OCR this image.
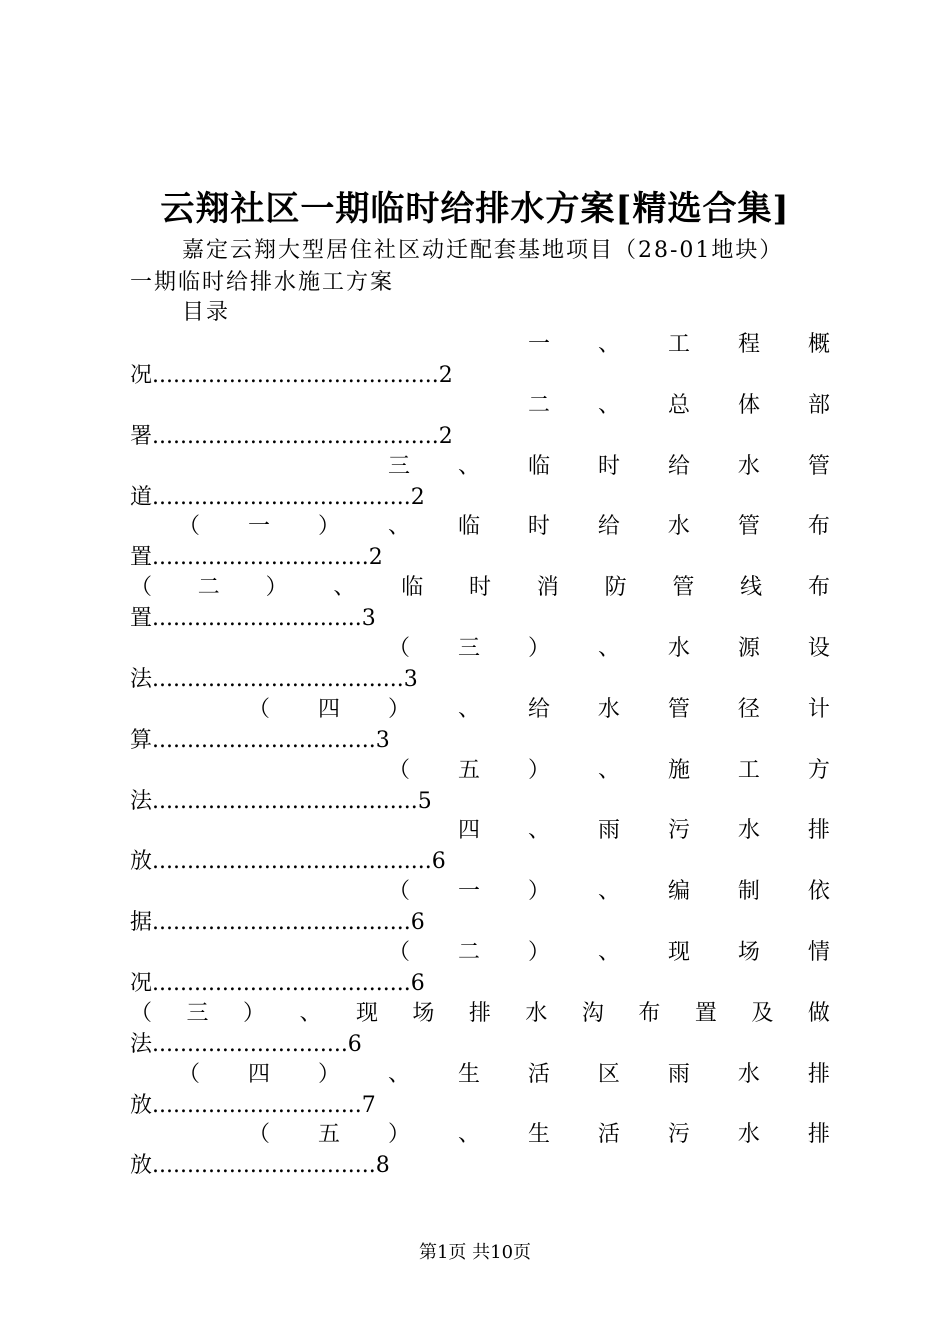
云翔社区一期临时给排水方案[精选合集]
嘉定云翔大型居住社区动迁配套基地项目（28-01地块）
一期临时给排水施工方案
目录
一 、 工 程 概
况.........................................2
二 、 总 体 部
署.........................................2
三 、 临 时 给 水 管
道.....................................2
（ 一 ） 、 临 时 给 水 管 布
置...............................2
（ 二 ） 、 临 时 消 防 管 线 布
置..............................3
（ 三 ） 、 水 源 设
法....................................3
（ 四 ） 、 给 水 管 径 计
算................................3
（ 五 ） 、 施 工 方
法......................................5
四 、 雨 污 水 排
放........................................6
（ 一 ） 、 编 制 依
据.....................................6
（ 二 ） 、 现 场 情
况.....................................6
（ 三 ） 、 现 场 排 水 沟 布 置 及 做
法............................6
（ 四 ） 、 生 活 区 雨 水 排
放..............................7
（ 五 ） 、 生 活 污 水 排
放................................8
第1页 共10页
